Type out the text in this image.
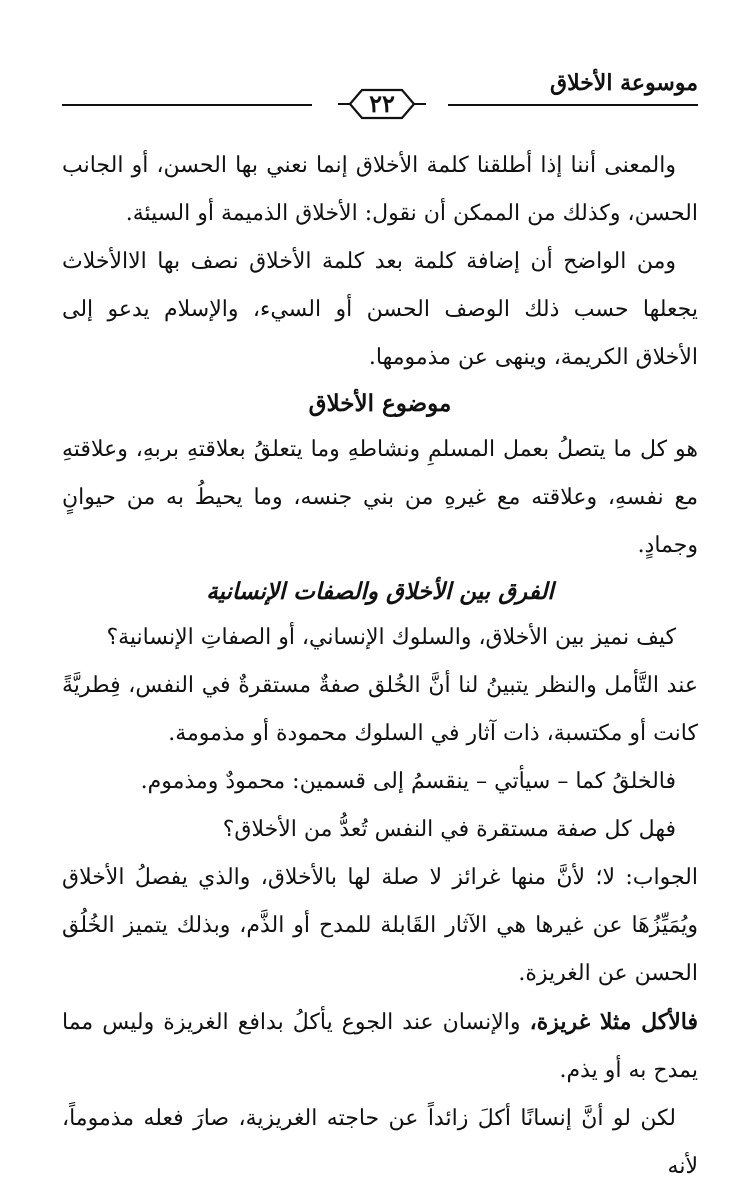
موسوعة الأخلاق
٢٢

والمعنى أننا إذا أطلقنا كلمة الأخلاق إنما نعني بها الحسن، أو الجانب الحسن، وكذلك من الممكن أن نقول: الأخلاق الذميمة أو السيئة.

ومن الواضح أن إضافة كلمة بعد كلمة الأخلاق نصف بها الاالأخلاث يجعلها حسب ذلك الوصف الحسن أو السيء، والإسلام يدعو إلى الأخلاق الكريمة، وينهى عن مذمومها.

موضوع الأخلاق

هو كل ما يتصلُ بعمل المسلمِ ونشاطهِ وما يتعلقُ بعلاقتهِ بربهِ، وعلاقتهِ مع نفسهِ، وعلاقته مع غيرهِ من بني جنسه، وما يحيطُ به من حيوانٍ وجمادٍ.

الفرق بين الأخلاق والصفات الإنسانية

كيف نميز بين الأخلاق، والسلوك الإنساني، أو الصفاتِ الإنسانية؟

عند التَّأمل والنظر يتبينُ لنا أنَّ الخُلق صفةٌ مستقرةٌ في النفس، فِطريَّةً كانت أو مكتسبة، ذات آثار في السلوك محمودة أو مذمومة.

فالخلقُ كما – سيأتي – ينقسمُ إلى قسمين: محمودٌ ومذموم.

فهل كل صفة مستقرة في النفس تُعدُّ من الأخلاق؟

الجواب: لا؛ لأنَّ منها غرائز لا صلة لها بالأخلاق، والذي يفصلُ الأخلاق ويُمَيِّزُهَا عن غيرها هي الآثار القَابلة للمدح أو الذَّم، وبذلك يتميز الخُلُق الحسن عن الغريزة.

فالأكل مثلا غريزة، والإنسان عند الجوع يأكلُ بدافع الغريزة وليس مما يمدح به أو يذم.

لكن لو أنَّ إنسانًا أكلَ زائداً عن حاجته الغريزية، صارَ فعله مذموماً، لأنه
